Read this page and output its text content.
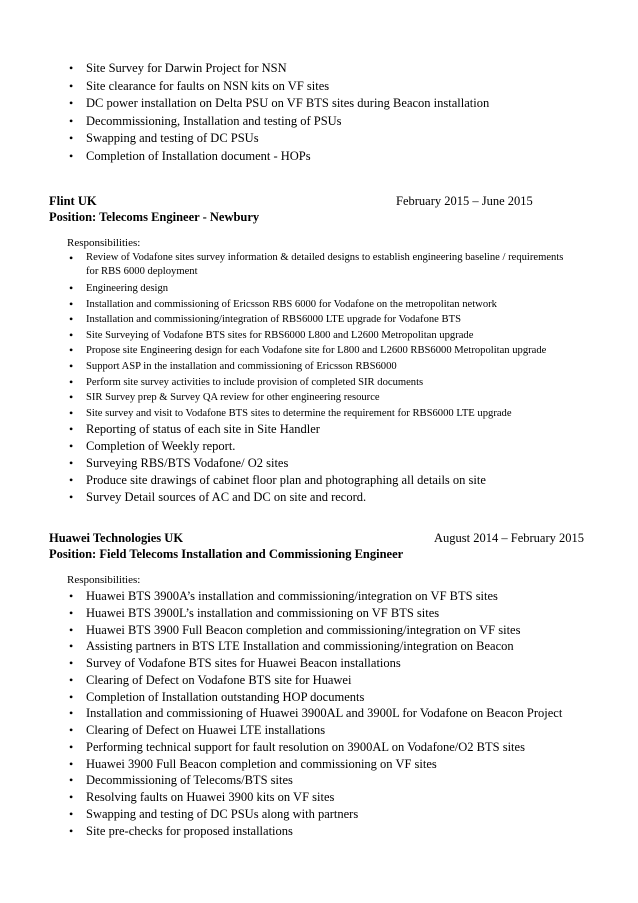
• Site Survey for Darwin Project for NSN
• Site clearance for faults on NSN kits on VF sites
• DC power installation on Delta PSU on VF BTS sites during Beacon installation
• Decommissioning, Installation and testing of PSUs
• Swapping and testing of DC PSUs
• Completion of Installation document - HOPs
Flint UK	February 2015 – June 2015
Position: Telecoms Engineer - Newbury
Responsibilities:
• Review of Vodafone sites survey information & detailed designs to establish engineering baseline / requirements for RBS 6000 deployment
• Engineering design
• Installation and commissioning of Ericsson RBS 6000 for Vodafone on the metropolitan network
• Installation and commissioning/integration of RBS6000 LTE upgrade for Vodafone BTS
• Site Surveying of Vodafone BTS sites for RBS6000 L800 and L2600 Metropolitan upgrade
• Propose site Engineering design for each Vodafone site for L800 and L2600 RBS6000 Metropolitan upgrade
• Support ASP in the installation and commissioning of Ericsson RBS6000
• Perform site survey activities to include provision of completed SIR documents
• SIR Survey prep & Survey QA review for other engineering resource
• Site survey and visit to Vodafone BTS sites to determine the requirement for RBS6000 LTE upgrade
• Reporting of status of each site in Site Handler
• Completion of Weekly report.
• Surveying RBS/BTS Vodafone/ O2 sites
• Produce site drawings of cabinet floor plan and photographing all details on site
• Survey Detail sources of AC and DC on site and record.
Huawei Technologies UK	August 2014 – February 2015
Position: Field Telecoms Installation and Commissioning Engineer
Responsibilities:
• Huawei BTS 3900A’s installation and commissioning/integration on VF BTS sites
• Huawei BTS 3900L’s installation and commissioning on VF BTS sites
• Huawei BTS 3900 Full Beacon completion and commissioning/integration on VF sites
• Assisting partners in BTS LTE Installation and commissioning/integration on Beacon
• Survey of Vodafone BTS sites for Huawei Beacon installations
• Clearing of Defect on Vodafone BTS site for Huawei
• Completion of Installation outstanding HOP documents
• Installation and commissioning of Huawei 3900AL and 3900L for Vodafone on Beacon Project
• Clearing of Defect on Huawei LTE installations
• Performing technical support for fault resolution on 3900AL on Vodafone/O2 BTS sites
• Huawei 3900 Full Beacon completion and commissioning on VF sites
• Decommissioning of Telecoms/BTS sites
• Resolving faults on Huawei 3900 kits on VF sites
• Swapping and testing of DC PSUs along with partners
• Site pre-checks for proposed installations
